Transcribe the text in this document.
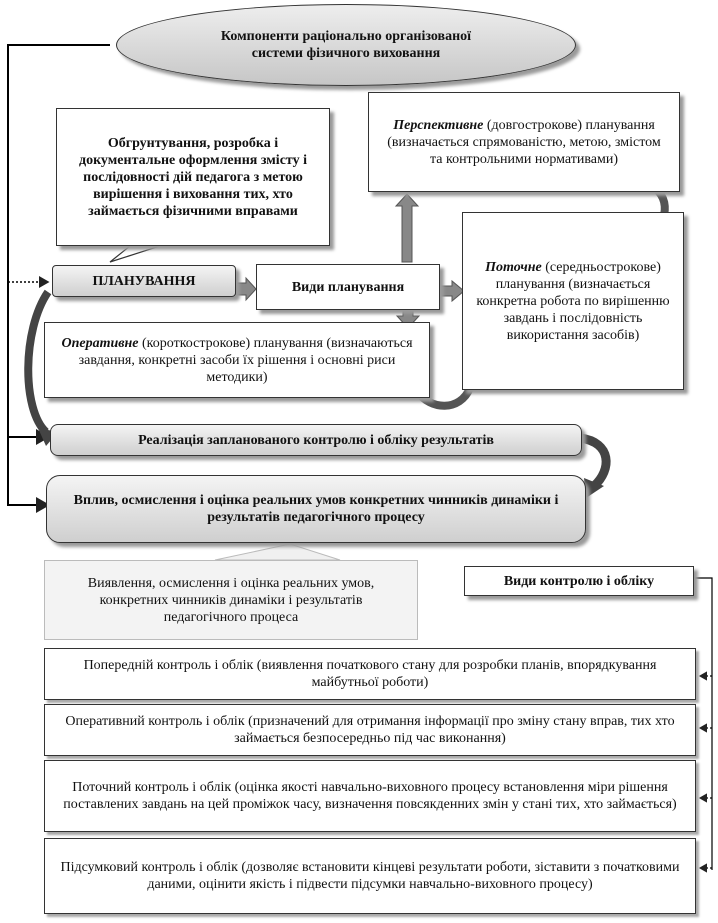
Компоненти раціонально організованої
системи фізичного виховання
Обгрунтування, розробка і документальне оформлення змісту і послідовності дій педагога з метою вирішення і виховання тих, хто займається фізичними вправами
Перспективне (довгострокове) планування (визначається спрямованістю, метою, змістом та контрольними нормативами)
ПЛАНУВАННЯ	Види планування
Поточне (середньострокове) планування (визначається конкретна робота по вирішенню завдань і послідовність використання засобів)
Оперативне (короткострокове) планування (визначаються завдання, конкретні засоби їх рішення і основні риси методики)
Реалізація запланованого контролю і обліку результатів
Вплив, осмислення і оцінка реальних умов конкретних чинників динаміки і результатів педагогічного процесу
Виявлення, осмислення і оцінка реальних умов, конкретних чинників динаміки і результатів педагогічного процеса
Види контролю і обліку
Попередній контроль і облік (виявлення початкового стану для розробки планів, впорядкування майбутньої роботи)
Оперативний контроль і облік (призначений для отримання інформації про зміну стану вправ, тих хто займається безпосередньо під час виконання)
Поточний контроль і облік (оцінка якості навчально-виховного процесу встановлення міри рішення поставлених завдань на цей проміжок часу, визначення повсякденних змін у стані тих, хто займається)
Підсумковий контроль і облік (дозволяє встановити кінцеві результати роботи, зіставити з початковими даними, оцінити якість і підвести підсумки навчально-виховного процесу)
